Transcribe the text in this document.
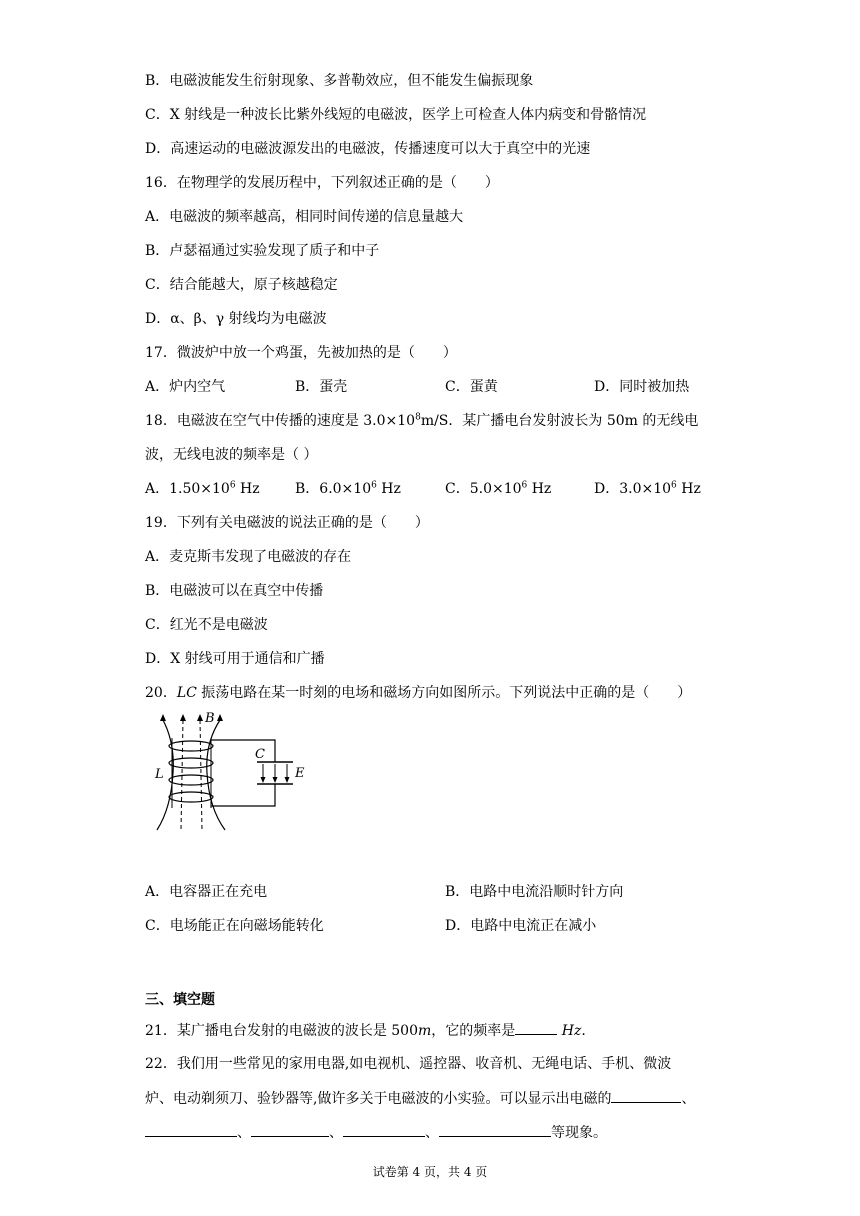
B．电磁波能发生衍射现象、多普勒效应，但不能发生偏振现象
C．X 射线是一种波长比紫外线短的电磁波，医学上可检查人体内病变和骨骼情况
D．高速运动的电磁波源发出的电磁波，传播速度可以大于真空中的光速
16．在物理学的发展历程中，下列叙述正确的是（　　）
A．电磁波的频率越高，相同时间传递的信息量越大
B．卢瑟福通过实验发现了质子和中子
C．结合能越大，原子核越稳定
D．α、β、γ 射线均为电磁波
17．微波炉中放一个鸡蛋，先被加热的是（　　）
A．炉内空气	B．蛋壳	C．蛋黄	D．同时被加热
18．电磁波在空气中传播的速度是 $3.0\times 10^8m/S$．某广播电台发射波长为 50m 的无线电
波，无线电波的频率是（ ）
A．$1.50\times 10^6$ Hz	B．$6.0\times 10^6$ Hz	C．$5.0\times 10^6$ Hz	D．$3.0\times 10^6$ Hz
19．下列有关电磁波的说法正确的是（　　）
A．麦克斯韦发现了电磁波的存在
B．电磁波可以在真空中传播
C．红光不是电磁波
D．X 射线可用于通信和广播
20．LC 振荡电路在某一时刻的电场和磁场方向如图所示。下列说法中正确的是（　　）
B
C
E
L
A．电容器正在充电	B．电路中电流沿顺时针方向
C．电场能正在向磁场能转化	D．电路中电流正在减小
三、填空题
21．某广播电台发射的电磁波的波长是 500m，它的频率是	Hz.
22．我们用一些常见的家用电器,如电视机、遥控器、收音机、无绳电话、手机、微波
炉、电动剃须刀、验钞器等,做许多关于电磁波的小实验。可以显示出电磁的	、
、	、	、	等现象。
试卷第 4 页，共 4 页
